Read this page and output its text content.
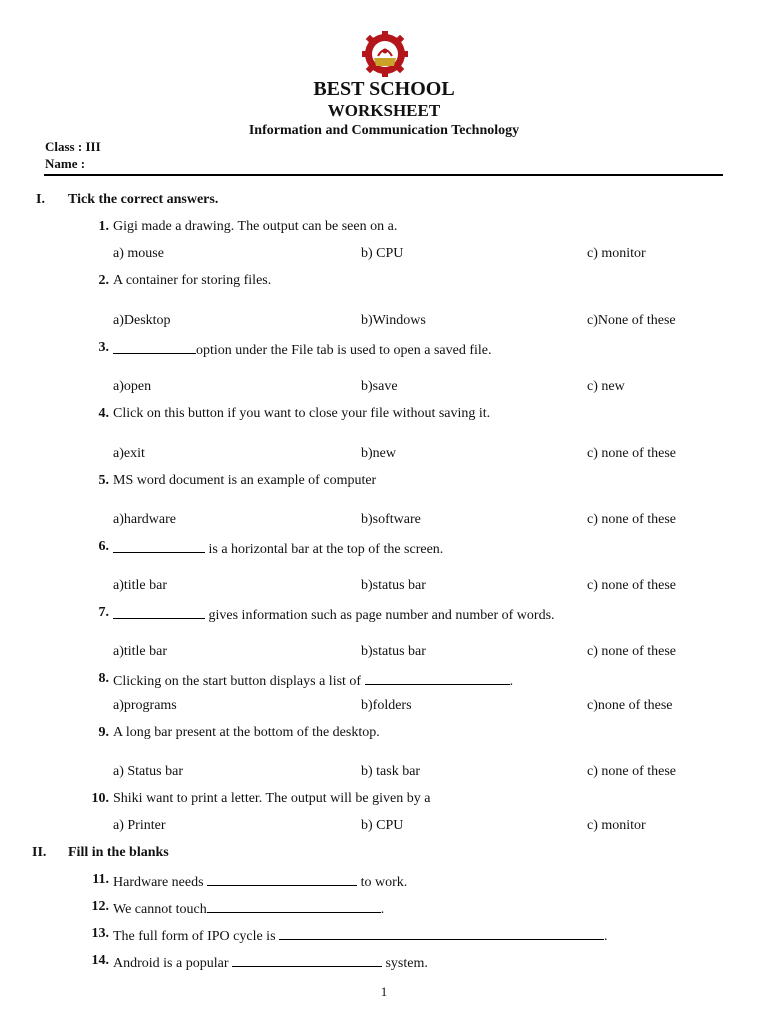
BEST SCHOOL
WORKSHEET
Information and Communication Technology
Class : III
Name :
I. Tick the correct answers.
1. Gigi made a drawing. The output can be seen on a.
a) mouse	b) CPU	c) monitor
2. A container for storing files.
a)Desktop	b)Windows	c)None of these
3.	option under the File tab is used to open a saved file.
a)open	b)save	c) new
4. Click on this button if you want to close your file without saving it.
a)exit	b)new	c) none of these
5. MS word document is an example of computer
a)hardware	b)software	c) none of these
6.	is a horizontal bar at the top of the screen.
a)title bar	b)status bar	c) none of these
7.	gives information such as page number and number of words.
a)title bar	b)status bar	c) none of these
8. Clicking on the start button displays a list of	.
a)programs	b)folders	c)none of these
9. A long bar present at the bottom of the desktop.
a) Status bar	b) task bar	c) none of these
10. Shiki want to print a letter. The output will be given by a
a) Printer	b) CPU	c) monitor
II. Fill in the blanks
11. Hardware needs	to work.
12. We cannot touch	.
13. The full form of IPO cycle is	.
14. Android is a popular	system.
1
